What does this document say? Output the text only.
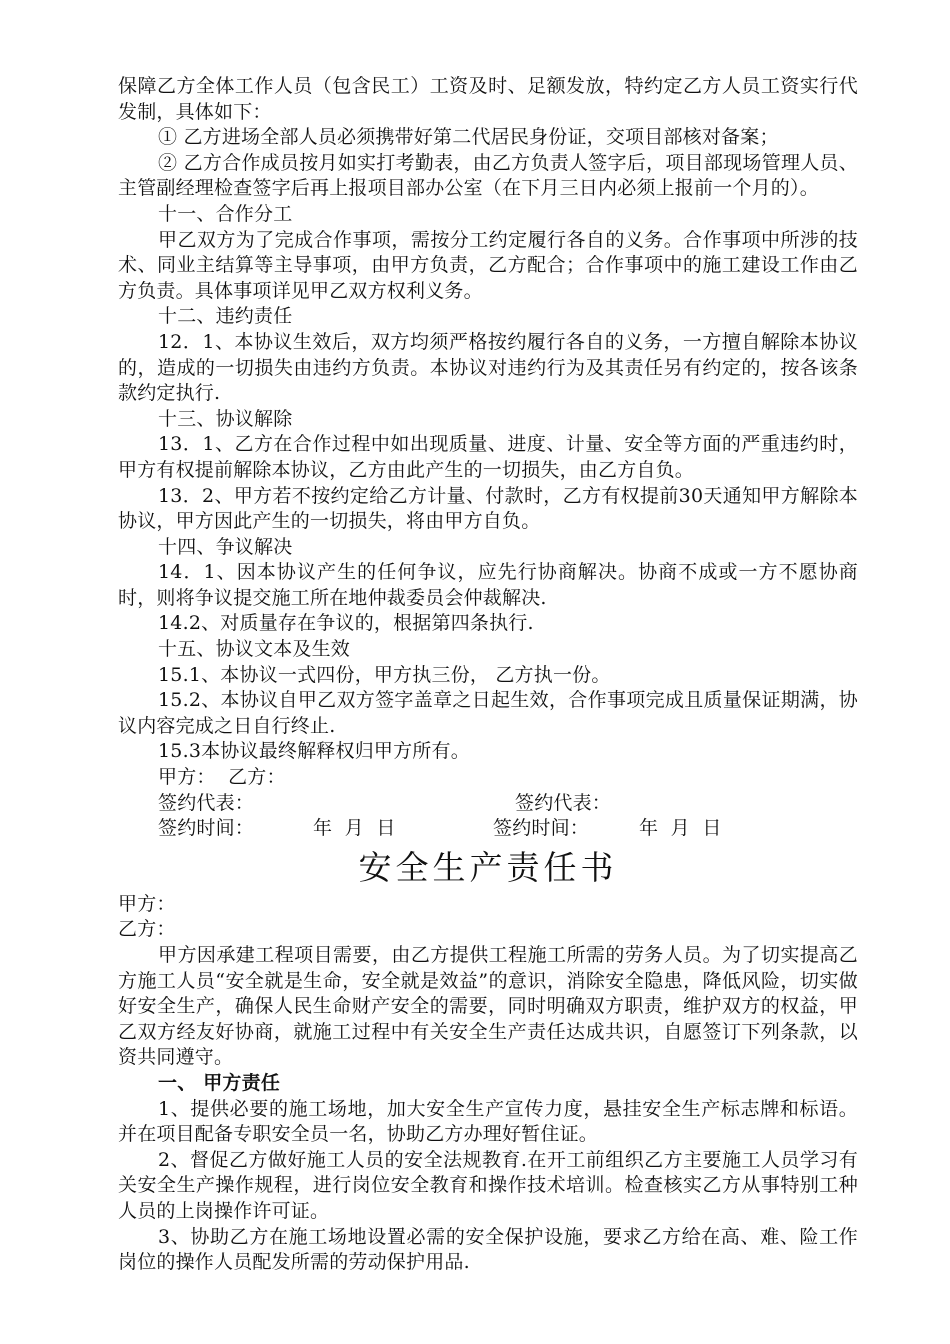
保障乙方全体工作人员（包含民工）工资及时、足额发放，特约定乙方人员工资实行代发制，具体如下：

① 乙方进场全部人员必须携带好第二代居民身份证，交项目部核对备案；

② 乙方合作成员按月如实打考勤表，由乙方负责人签字后，项目部现场管理人员、主管副经理检查签字后再上报项目部办公室（在下月三日内必须上报前一个月的）。

十一、合作分工

甲乙双方为了完成合作事项，需按分工约定履行各自的义务。合作事项中所涉的技术、同业主结算等主导事项，由甲方负责，乙方配合；合作事项中的施工建设工作由乙方负责。具体事项详见甲乙双方权利义务。

十二、违约责任

12．1、本协议生效后，双方均须严格按约履行各自的义务，一方擅自解除本协议的，造成的一切损失由违约方负责。本协议对违约行为及其责任另有约定的，按各该条款约定执行.

十三、协议解除

13．1、乙方在合作过程中如出现质量、进度、计量、安全等方面的严重违约时，甲方有权提前解除本协议，乙方由此产生的一切损失，由乙方自负。

13．2、甲方若不按约定给乙方计量、付款时，乙方有权提前30天通知甲方解除本协议，甲方因此产生的一切损失，将由甲方自负。

十四、争议解决

14．1、因本协议产生的任何争议，应先行协商解决。协商不成或一方不愿协商时，则将争议提交施工所在地仲裁委员会仲裁解决.

14.2、对质量存在争议的，根据第四条执行.

十五、协议文本及生效

15.1、本协议一式四份，甲方执三份， 乙方执一份。

15.2、本协议自甲乙双方签字盖章之日起生效，合作事项完成且质量保证期满，协议内容完成之日自行终止.

15.3本协议最终解释权归甲方所有。

甲方：  乙方：

签约代表：	签约代表：

签约时间：	年  月  日	签约时间：	年  月  日

安全生产责任书

甲方：

乙方：

甲方因承建工程项目需要，由乙方提供工程施工所需的劳务人员。为了切实提高乙方施工人员“安全就是生命，安全就是效益”的意识，消除安全隐患，降低风险，切实做好安全生产，确保人民生命财产安全的需要，同时明确双方职责，维护双方的权益，甲乙双方经友好协商，就施工过程中有关安全生产责任达成共识，自愿签订下列条款，以资共同遵守。

一、 甲方责任

1、提供必要的施工场地，加大安全生产宣传力度，悬挂安全生产标志牌和标语。并在项目配备专职安全员一名，协助乙方办理好暂住证。

2、督促乙方做好施工人员的安全法规教育.在开工前组织乙方主要施工人员学习有关安全生产操作规程，进行岗位安全教育和操作技术培训。检查核实乙方从事特别工种人员的上岗操作许可证。

3、协助乙方在施工场地设置必需的安全保护设施，要求乙方给在高、难、险工作岗位的操作人员配发所需的劳动保护用品.
